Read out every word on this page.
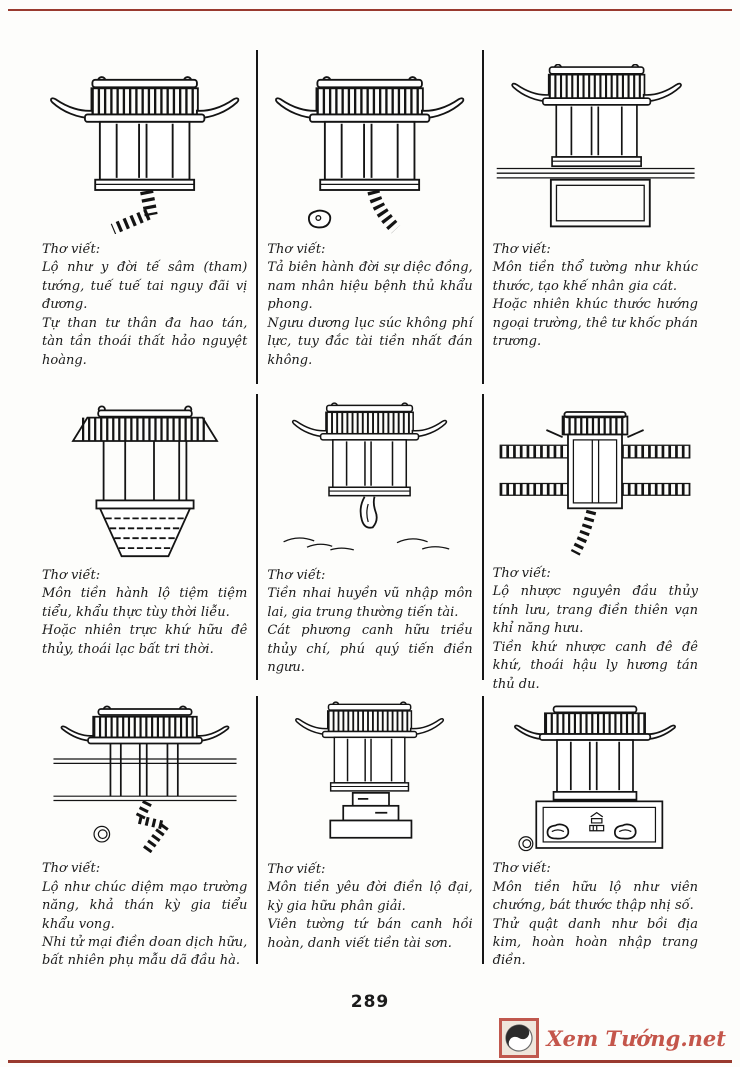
Thơ viết:

Lộ như y đời tế sâm (tham) tướng, tuế tuế tai nguy đãi vị đương.

Tự than tư thân đa hao tán, tàn tần thoái thất hảo nguyệt hoàng.

Thơ viết:

Tả biên hành đời sự diệc đồng, nam nhân hiệu bệnh thủ khẩu phong.

Ngưu dương lục súc không phí lực, tuy đắc tài tiền nhất đán không.

Thơ viết:

Môn tiền thổ tường như khúc thước, tạo khế nhân gia cát.

Hoặc nhiên khúc thước hướng ngoại trường, thê tư khốc phán trương.

Thơ viết:

Môn tiền hành lộ tiệm tiệm tiểu, khẩu thực tùy thời liễu.

Hoặc nhiên trực khứ hữu đê thủy, thoái lạc bất tri thời.

Thơ viết:

Tiền nhai huyền vũ nhập môn lai, gia trung thường tiến tài.

Cát phương canh hữu triều thủy chí, phú quý tiến điền ngưu.

Thơ viết:

Lộ nhược nguyên đầu thủy tính lưu, trang điền thiên vạn khỉ năng hưu.

Tiền khứ nhược canh đê đê khứ, thoái hậu ly hương tán thủ du.

Thơ viết:

Lộ như chúc diệm mạo trường năng, khả thán kỳ gia tiểu khẩu vong.

Nhi tử mại điền doan dịch hữu, bất nhiên phụ mẫu dã đầu hà.

Thơ viết:

Môn tiền yêu đời điền lộ đại, kỳ gia hữu phân giải.

Viên tường tứ bán canh hồi hoàn, danh viết tiền tài sơn.

Thơ viết:

Môn tiền hữu lộ như viên chướng, bát thước thập nhị số.

Thử quật danh như bồi địa kim, hoàn hoàn nhập trang điền.

289
Xem Tướng.net
